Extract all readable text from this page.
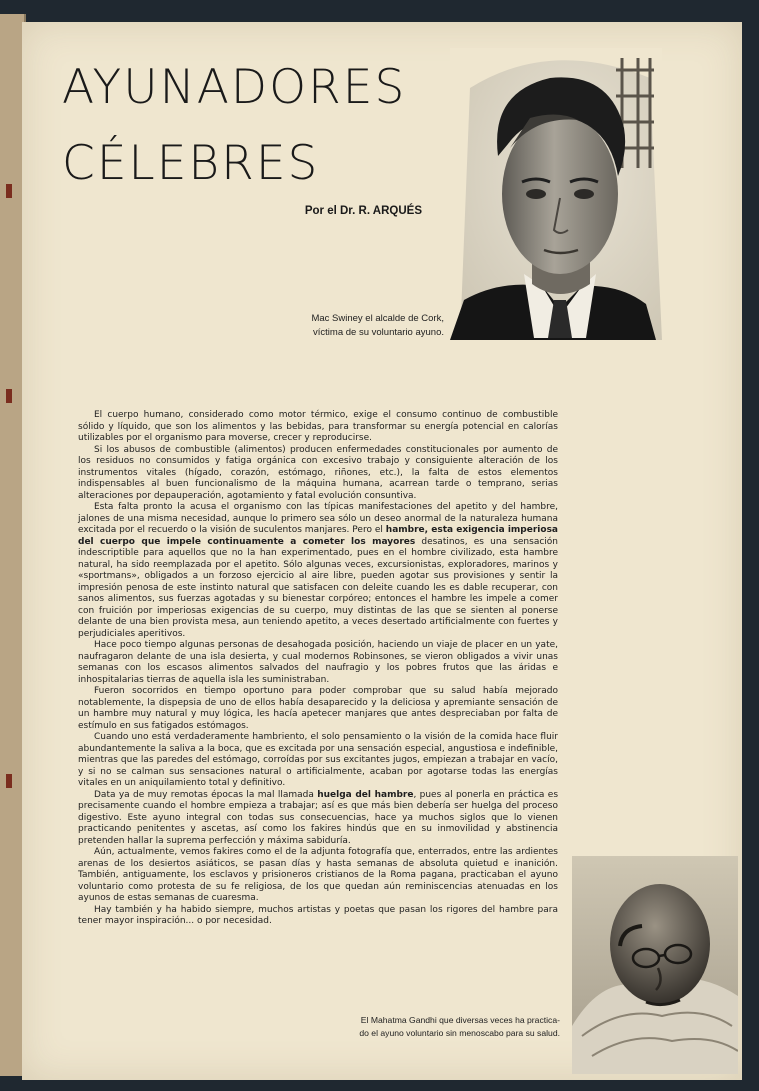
AYUNADORES
CÉLEBRES

Por el Dr. R. ARQUÉS

Mac Swiney el alcalde de Cork,
víctima de su voluntario ayuno.

El cuerpo humano, considerado como motor térmico, exige el consumo continuo de combustible sólido y líquido, que son los alimentos y las bebidas, para transformar su energía potencial en calorías utilizables por el organismo para moverse, crecer y reproducirse.

Si los abusos de combustible (alimentos) producen enfermedades constitucionales por aumento de los residuos no consumidos y fatiga orgánica con excesivo trabajo y consiguiente alteración de los instrumentos vitales (hígado, corazón, estómago, riñones, etc.), la falta de estos elementos indispensables al buen funcionalismo de la máquina humana, acarrean tarde o temprano, serias alteraciones por depauperación, agotamiento y fatal evolución consuntiva.

Esta falta pronto la acusa el organismo con las típicas manifestaciones del apetito y del hambre, jalones de una misma necesidad, aunque lo primero sea sólo un deseo anormal de la naturaleza humana excitada por el recuerdo o la visión de suculentos manjares. Pero el hambre, esta exigencia imperiosa del cuerpo que impele continuamente a cometer los mayores desatinos, es una sensación indescriptible para aquellos que no la han experimentado, pues en el hombre civilizado, esta hambre natural, ha sido reemplazada por el apetito. Sólo algunas veces, excursionistas, exploradores, marinos y «sportmans», obligados a un forzoso ejercicio al aire libre, pueden agotar sus provisiones y sentir la impresión penosa de este instinto natural que satisfacen con deleite cuando les es dable recuperar, con sanos alimentos, sus fuerzas agotadas y su bienestar corpóreo; entonces el hambre les impele a comer con fruición por imperiosas exigencias de su cuerpo, muy distintas de las que se sienten al ponerse delante de una bien provista mesa, aun teniendo apetito, a veces desertado artificialmente con fuertes y perjudiciales aperitivos.

Hace poco tiempo algunas personas de desahogada posición, haciendo un viaje de placer en un yate, naufragaron delante de una isla desierta, y cual modernos Robinsones, se vieron obligados a vivir unas semanas con los escasos alimentos salvados del naufragio y los pobres frutos que las áridas e inhospitalarias tierras de aquella isla les suministraban.

Fueron socorridos en tiempo oportuno para poder comprobar que su salud había mejorado notablemente, la dispepsia de uno de ellos había desaparecido y la deliciosa y apremiante sensación de un hambre muy natural y muy lógica, les hacía apetecer manjares que antes despreciaban por falta de estímulo en sus fatigados estómagos.

Cuando uno está verdaderamente hambriento, el solo pensamiento o la visión de la comida hace fluir abundantemente la saliva a la boca, que es excitada por una sensación especial, angustiosa e indefinible, mientras que las paredes del estómago, corroídas por sus excitantes jugos, empiezan a trabajar en vacío, y si no se calman sus sensaciones natural o artificialmente, acaban por agotarse todas las energías vitales en un aniquilamiento total y definitivo.

Data ya de muy remotas épocas la mal llamada huelga del hambre, pues al ponerla en práctica es precisamente cuando el hombre empieza a trabajar; así es que más bien debería ser huelga del proceso digestivo. Este ayuno integral con todas sus consecuencias, hace ya muchos siglos que lo vienen practicando penitentes y ascetas, así como los fakires hindús que en su inmovilidad y abstinencia pretenden hallar la suprema perfección y máxima sabiduría.

Aún, actualmente, vemos fakires como el de la adjunta fotografía que, enterrados, entre las ardientes arenas de los desiertos asiáticos, se pasan días y hasta semanas de absoluta quietud e inanición. También, antiguamente, los esclavos y prisioneros cristianos de la Roma pagana, practicaban el ayuno voluntario como protesta de su fe religiosa, de los que quedan aún reminiscencias atenuadas en los ayunos de estas semanas de cuaresma.

Hay también y ha habido siempre, muchos artistas y poetas que pasan los rigores del hambre para tener mayor inspiración... o por necesidad.

El Mahatma Gandhi que diversas veces ha practica-
do el ayuno voluntario sin menoscabo para su salud.
